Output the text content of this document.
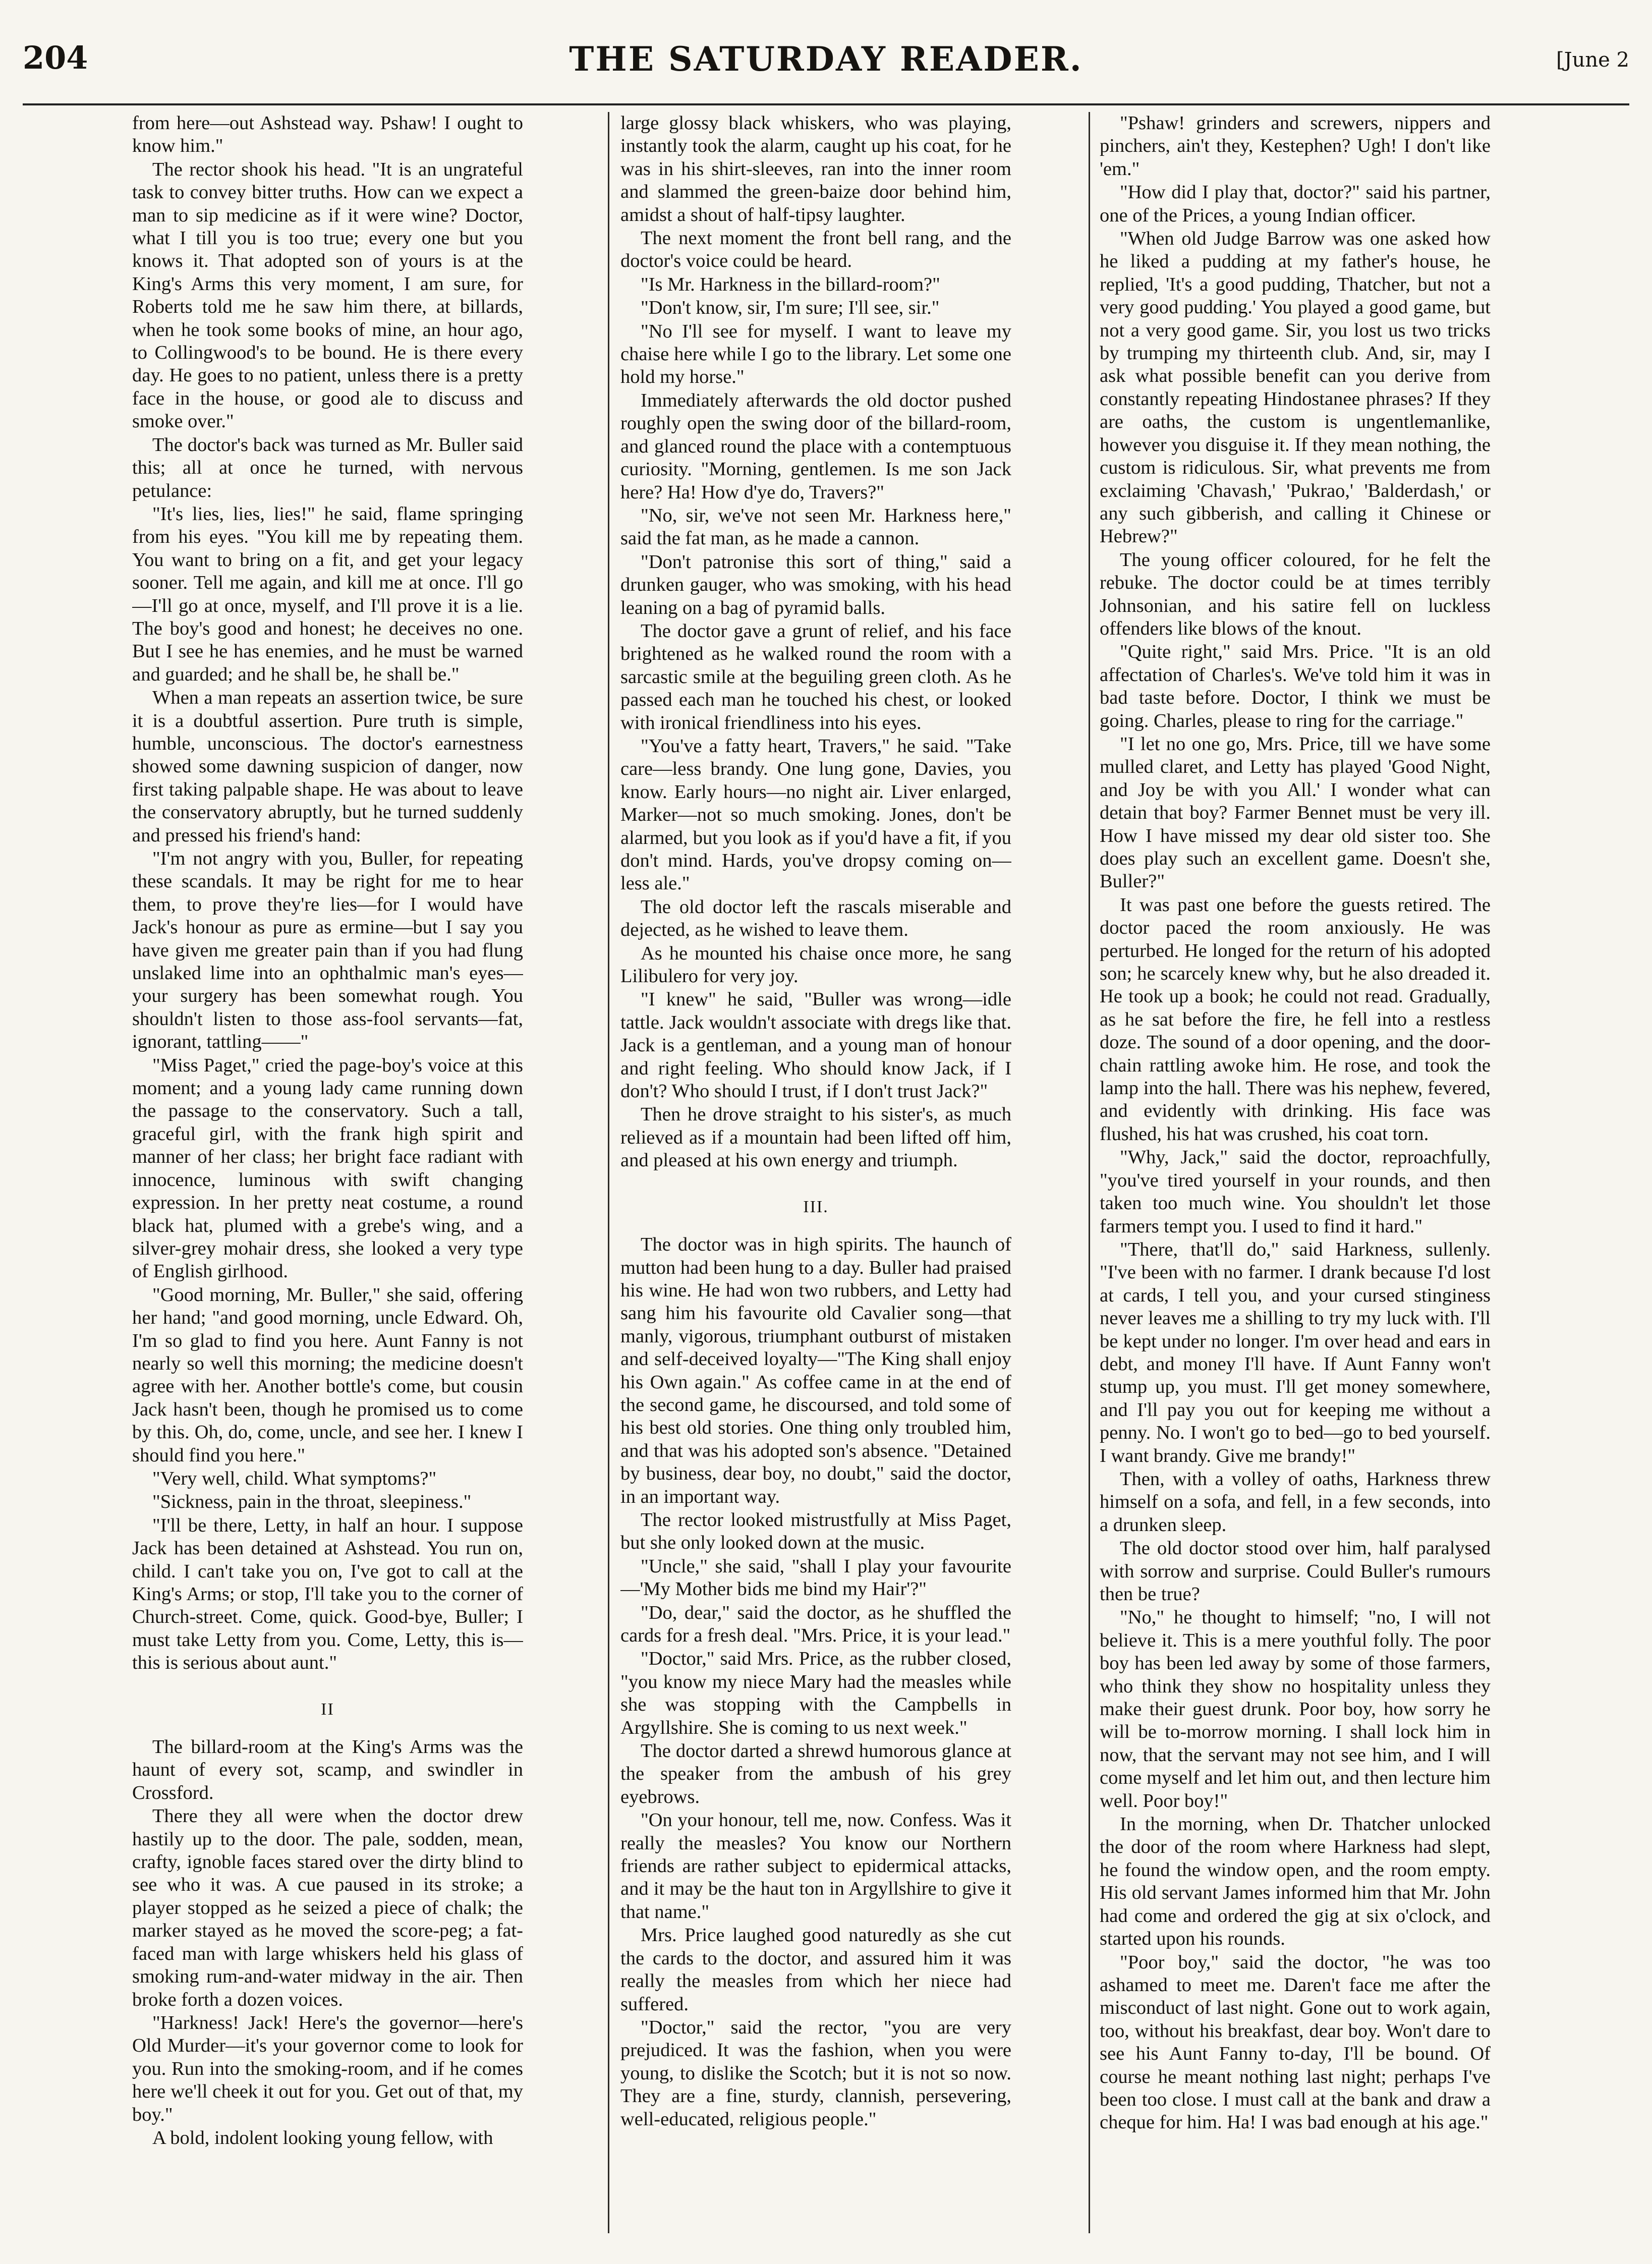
204	THE SATURDAY READER.	[June 2

from here—out Ashstead way. Pshaw! I ought to know him."

The rector shook his head. "It is an ungrateful task to convey bitter truths. How can we expect a man to sip medicine as if it were wine? Doctor, what I till you is too true; every one but you knows it. That adopted son of yours is at the King's Arms this very moment, I am sure, for Roberts told me he saw him there, at billards, when he took some books of mine, an hour ago, to Collingwood's to be bound. He is there every day. He goes to no patient, unless there is a pretty face in the house, or good ale to discuss and smoke over."

The doctor's back was turned as Mr. Buller said this; all at once he turned, with nervous petulance:

"It's lies, lies, lies!" he said, flame springing from his eyes. "You kill me by repeating them. You want to bring on a fit, and get your legacy sooner. Tell me again, and kill me at once. I'll go—I'll go at once, myself, and I'll prove it is a lie. The boy's good and honest; he deceives no one. But I see he has enemies, and he must be warned and guarded; and he shall be, he shall be."

When a man repeats an assertion twice, be sure it is a doubtful assertion. Pure truth is simple, humble, unconscious. The doctor's earnestness showed some dawning suspicion of danger, now first taking palpable shape. He was about to leave the conservatory abruptly, but he turned suddenly and pressed his friend's hand:

"I'm not angry with you, Buller, for repeating these scandals. It may be right for me to hear them, to prove they're lies—for I would have Jack's honour as pure as ermine—but I say you have given me greater pain than if you had flung unslaked lime into an ophthalmic man's eyes—your surgery has been somewhat rough. You shouldn't listen to those ass-fool servants—fat, ignorant, tattling——"

"Miss Paget," cried the page-boy's voice at this moment; and a young lady came running down the passage to the conservatory. Such a tall, graceful girl, with the frank high spirit and manner of her class; her bright face radiant with innocence, luminous with swift changing expression. In her pretty neat costume, a round black hat, plumed with a grebe's wing, and a silver-grey mohair dress, she looked a very type of English girlhood.

"Good morning, Mr. Buller," she said, offering her hand; "and good morning, uncle Edward. Oh, I'm so glad to find you here. Aunt Fanny is not nearly so well this morning; the medicine doesn't agree with her. Another bottle's come, but cousin Jack hasn't been, though he promised us to come by this. Oh, do, come, uncle, and see her. I knew I should find you here."

"Very well, child. What symptoms?"

"Sickness, pain in the throat, sleepiness."

"I'll be there, Letty, in half an hour. I suppose Jack has been detained at Ashstead. You run on, child. I can't take you on, I've got to call at the King's Arms; or stop, I'll take you to the corner of Church-street. Come, quick. Good-bye, Buller; I must take Letty from you. Come, Letty, this is—this is serious about aunt."

II

The billard-room at the King's Arms was the haunt of every sot, scamp, and swindler in Crossford.

There they all were when the doctor drew hastily up to the door. The pale, sodden, mean, crafty, ignoble faces stared over the dirty blind to see who it was. A cue paused in its stroke; a player stopped as he seized a piece of chalk; the marker stayed as he moved the score-peg; a fat-faced man with large whiskers held his glass of smoking rum-and-water midway in the air. Then broke forth a dozen voices.

"Harkness! Jack! Here's the governor—here's Old Murder—it's your governor come to look for you. Run into the smoking-room, and if he comes here we'll cheek it out for you. Get out of that, my boy."

A bold, indolent looking young fellow, with

large glossy black whiskers, who was playing, instantly took the alarm, caught up his coat, for he was in his shirt-sleeves, ran into the inner room and slammed the green-baize door behind him, amidst a shout of half-tipsy laughter.

The next moment the front bell rang, and the doctor's voice could be heard.

"Is Mr. Harkness in the billard-room?"

"Don't know, sir, I'm sure; I'll see, sir."

"No I'll see for myself. I want to leave my chaise here while I go to the library. Let some one hold my horse."

Immediately afterwards the old doctor pushed roughly open the swing door of the billard-room, and glanced round the place with a contemptuous curiosity. "Morning, gentlemen. Is me son Jack here? Ha! How d'ye do, Travers?"

"No, sir, we've not seen Mr. Harkness here," said the fat man, as he made a cannon.

"Don't patronise this sort of thing," said a drunken gauger, who was smoking, with his head leaning on a bag of pyramid balls.

The doctor gave a grunt of relief, and his face brightened as he walked round the room with a sarcastic smile at the beguiling green cloth. As he passed each man he touched his chest, or looked with ironical friendliness into his eyes.

"You've a fatty heart, Travers," he said. "Take care—less brandy. One lung gone, Davies, you know. Early hours—no night air. Liver enlarged, Marker—not so much smoking. Jones, don't be alarmed, but you look as if you'd have a fit, if you don't mind. Hards, you've dropsy coming on—less ale."

The old doctor left the rascals miserable and dejected, as he wished to leave them.

As he mounted his chaise once more, he sang Lilibulero for very joy.

"I knew" he said, "Buller was wrong—idle tattle. Jack wouldn't associate with dregs like that. Jack is a gentleman, and a young man of honour and right feeling. Who should know Jack, if I don't? Who should I trust, if I don't trust Jack?"

Then he drove straight to his sister's, as much relieved as if a mountain had been lifted off him, and pleased at his own energy and triumph.

III.

The doctor was in high spirits. The haunch of mutton had been hung to a day. Buller had praised his wine. He had won two rubbers, and Letty had sang him his favourite old Cavalier song—that manly, vigorous, triumphant outburst of mistaken and self-deceived loyalty—"The King shall enjoy his Own again." As coffee came in at the end of the second game, he discoursed, and told some of his best old stories. One thing only troubled him, and that was his adopted son's absence. "Detained by business, dear boy, no doubt," said the doctor, in an important way.

The rector looked mistrustfully at Miss Paget, but she only looked down at the music.

"Uncle," she said, "shall I play your favourite—'My Mother bids me bind my Hair'?"

"Do, dear," said the doctor, as he shuffled the cards for a fresh deal. "Mrs. Price, it is your lead."

"Doctor," said Mrs. Price, as the rubber closed, "you know my niece Mary had the measles while she was stopping with the Campbells in Argyllshire. She is coming to us next week."

The doctor darted a shrewd humorous glance at the speaker from the ambush of his grey eyebrows.

"On your honour, tell me, now. Confess. Was it really the measles? You know our Northern friends are rather subject to epidermical attacks, and it may be the haut ton in Argyllshire to give it that name."

Mrs. Price laughed good naturedly as she cut the cards to the doctor, and assured him it was really the measles from which her niece had suffered.

"Doctor," said the rector, "you are very prejudiced. It was the fashion, when you were young, to dislike the Scotch; but it is not so now. They are a fine, sturdy, clannish, persevering, well-educated, religious people."

"Pshaw! grinders and screwers, nippers and pinchers, ain't they, Kestephen? Ugh! I don't like 'em."

"How did I play that, doctor?" said his partner, one of the Prices, a young Indian officer.

"When old Judge Barrow was one asked how he liked a pudding at my father's house, he replied, 'It's a good pudding, Thatcher, but not a very good pudding.' You played a good game, but not a very good game. Sir, you lost us two tricks by trumping my thirteenth club. And, sir, may I ask what possible benefit can you derive from constantly repeating Hindostanee phrases? If they are oaths, the custom is ungentlemanlike, however you disguise it. If they mean nothing, the custom is ridiculous. Sir, what prevents me from exclaiming 'Chavash,' 'Pukrao,' 'Balderdash,' or any such gibberish, and calling it Chinese or Hebrew?"

The young officer coloured, for he felt the rebuke. The doctor could be at times terribly Johnsonian, and his satire fell on luckless offenders like blows of the knout.

"Quite right," said Mrs. Price. "It is an old affectation of Charles's. We've told him it was in bad taste before. Doctor, I think we must be going. Charles, please to ring for the carriage."

"I let no one go, Mrs. Price, till we have some mulled claret, and Letty has played 'Good Night, and Joy be with you All.' I wonder what can detain that boy? Farmer Bennet must be very ill. How I have missed my dear old sister too. She does play such an excellent game. Doesn't she, Buller?"

It was past one before the guests retired. The doctor paced the room anxiously. He was perturbed. He longed for the return of his adopted son; he scarcely knew why, but he also dreaded it. He took up a book; he could not read. Gradually, as he sat before the fire, he fell into a restless doze. The sound of a door opening, and the door-chain rattling awoke him. He rose, and took the lamp into the hall. There was his nephew, fevered, and evidently with drinking. His face was flushed, his hat was crushed, his coat torn.

"Why, Jack," said the doctor, reproachfully, "you've tired yourself in your rounds, and then taken too much wine. You shouldn't let those farmers tempt you. I used to find it hard."

"There, that'll do," said Harkness, sullenly. "I've been with no farmer. I drank because I'd lost at cards, I tell you, and your cursed stinginess never leaves me a shilling to try my luck with. I'll be kept under no longer. I'm over head and ears in debt, and money I'll have. If Aunt Fanny won't stump up, you must. I'll get money somewhere, and I'll pay you out for keeping me without a penny. No. I won't go to bed—go to bed yourself. I want brandy. Give me brandy!"

Then, with a volley of oaths, Harkness threw himself on a sofa, and fell, in a few seconds, into a drunken sleep.

The old doctor stood over him, half paralysed with sorrow and surprise. Could Buller's rumours then be true?

"No," he thought to himself; "no, I will not believe it. This is a mere youthful folly. The poor boy has been led away by some of those farmers, who think they show no hospitality unless they make their guest drunk. Poor boy, how sorry he will be to-morrow morning. I shall lock him in now, that the servant may not see him, and I will come myself and let him out, and then lecture him well. Poor boy!"

In the morning, when Dr. Thatcher unlocked the door of the room where Harkness had slept, he found the window open, and the room empty. His old servant James informed him that Mr. John had come and ordered the gig at six o'clock, and started upon his rounds.

"Poor boy," said the doctor, "he was too ashamed to meet me. Daren't face me after the misconduct of last night. Gone out to work again, too, without his breakfast, dear boy. Won't dare to see his Aunt Fanny to-day, I'll be bound. Of course he meant nothing last night; perhaps I've been too close. I must call at the bank and draw a cheque for him. Ha! I was bad enough at his age."
